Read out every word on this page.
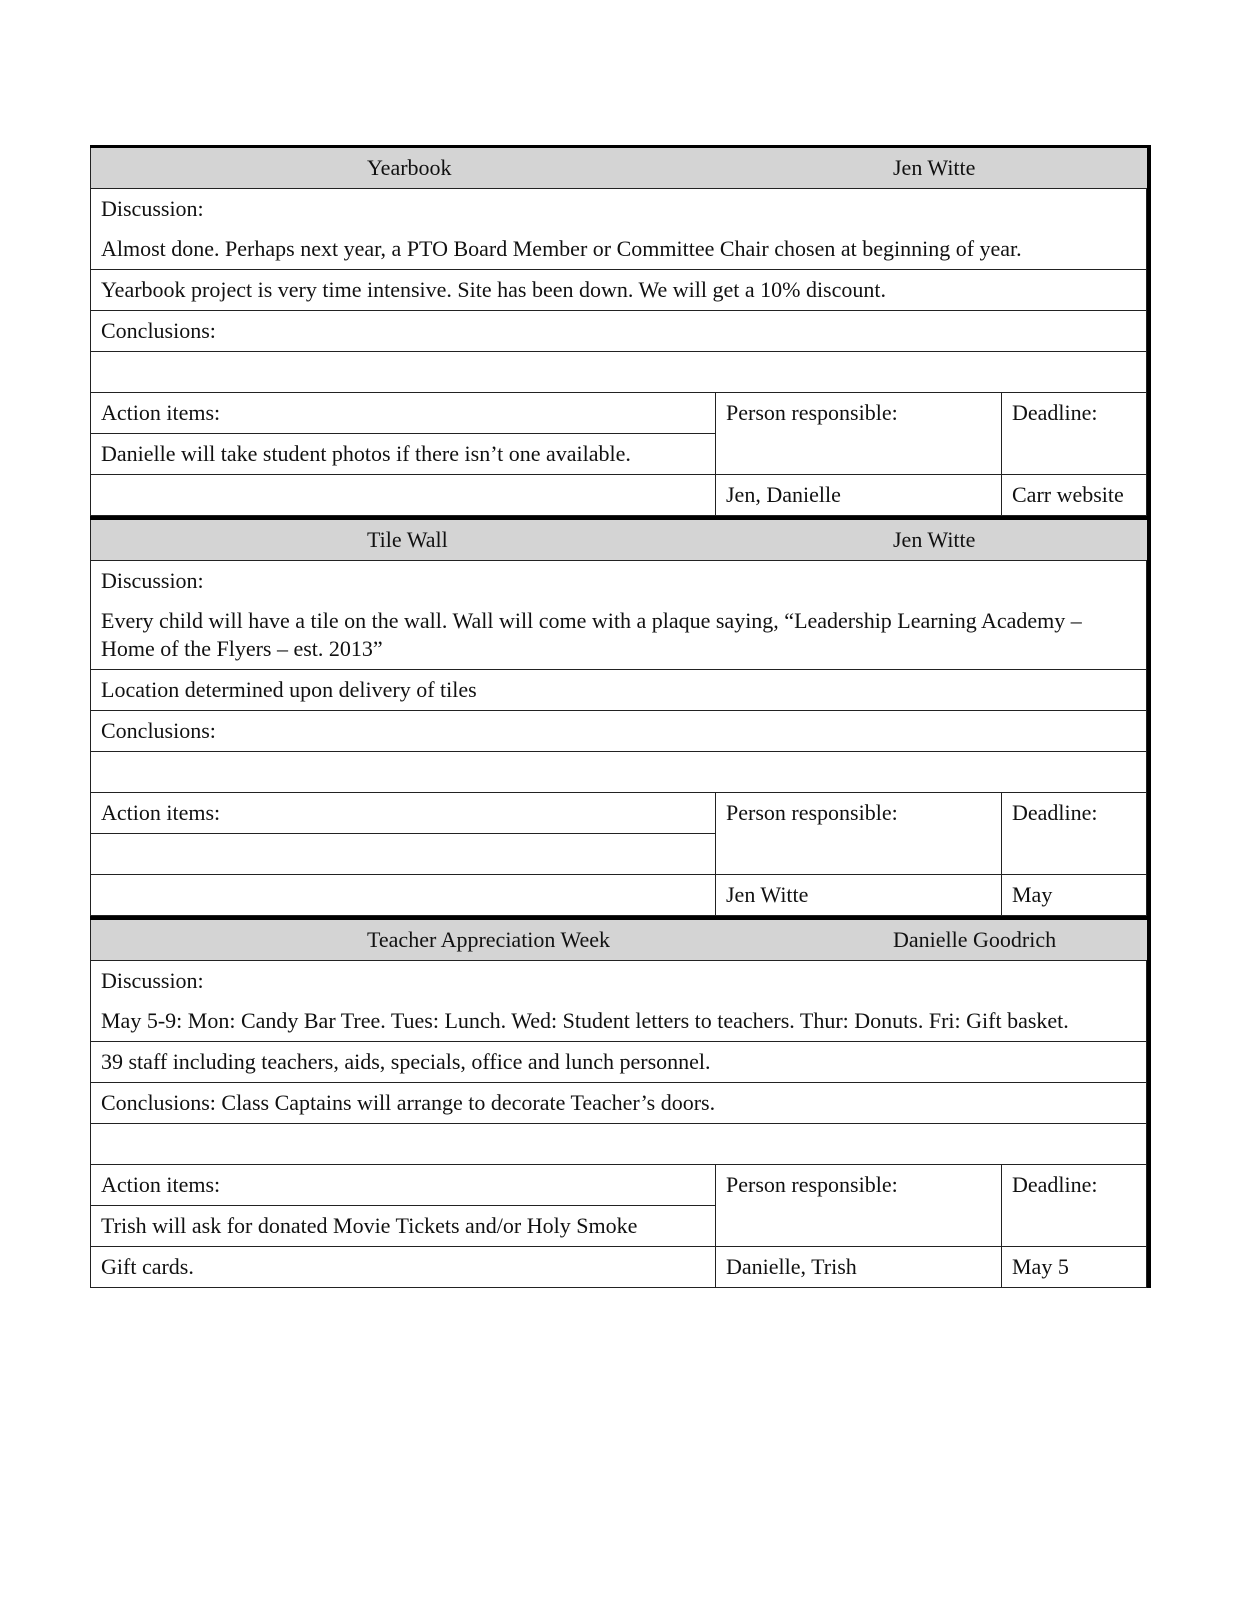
Yearbook Jen Witte		

Discussion:
Almost done. Perhaps next year, a PTO Board Member or Committee Chair chosen at beginning of year.		

Yearbook project is very time intensive. Site has been down. We will get a 10% discount.		
Conclusions:		

Action items:	Person responsible:	Deadline:
Danielle will take student photos if there isn’t one available.		
	Jen, Danielle	Carr website
Tile Wall Jen Witte		

Discussion:
Every child will have a tile on the wall. Wall will come with a plaque saying, “Leadership Learning Academy – Home of the Flyers – est. 2013”		

Location determined upon delivery of tiles		
Conclusions:		

Action items:	Person responsible:	Deadline:

	Jen Witte	May
Teacher Appreciation Week Danielle Goodrich		

Discussion:
May 5-9: Mon: Candy Bar Tree. Tues: Lunch. Wed: Student letters to teachers. Thur: Donuts. Fri: Gift basket.		

39 staff including teachers, aids, specials, office and lunch personnel.		
Conclusions: Class Captains will arrange to decorate Teacher’s doors.		

Action items:	Person responsible:	Deadline:
Trish will ask for donated Movie Tickets and/or Holy Smoke		
Gift cards.	Danielle, Trish	May 5
